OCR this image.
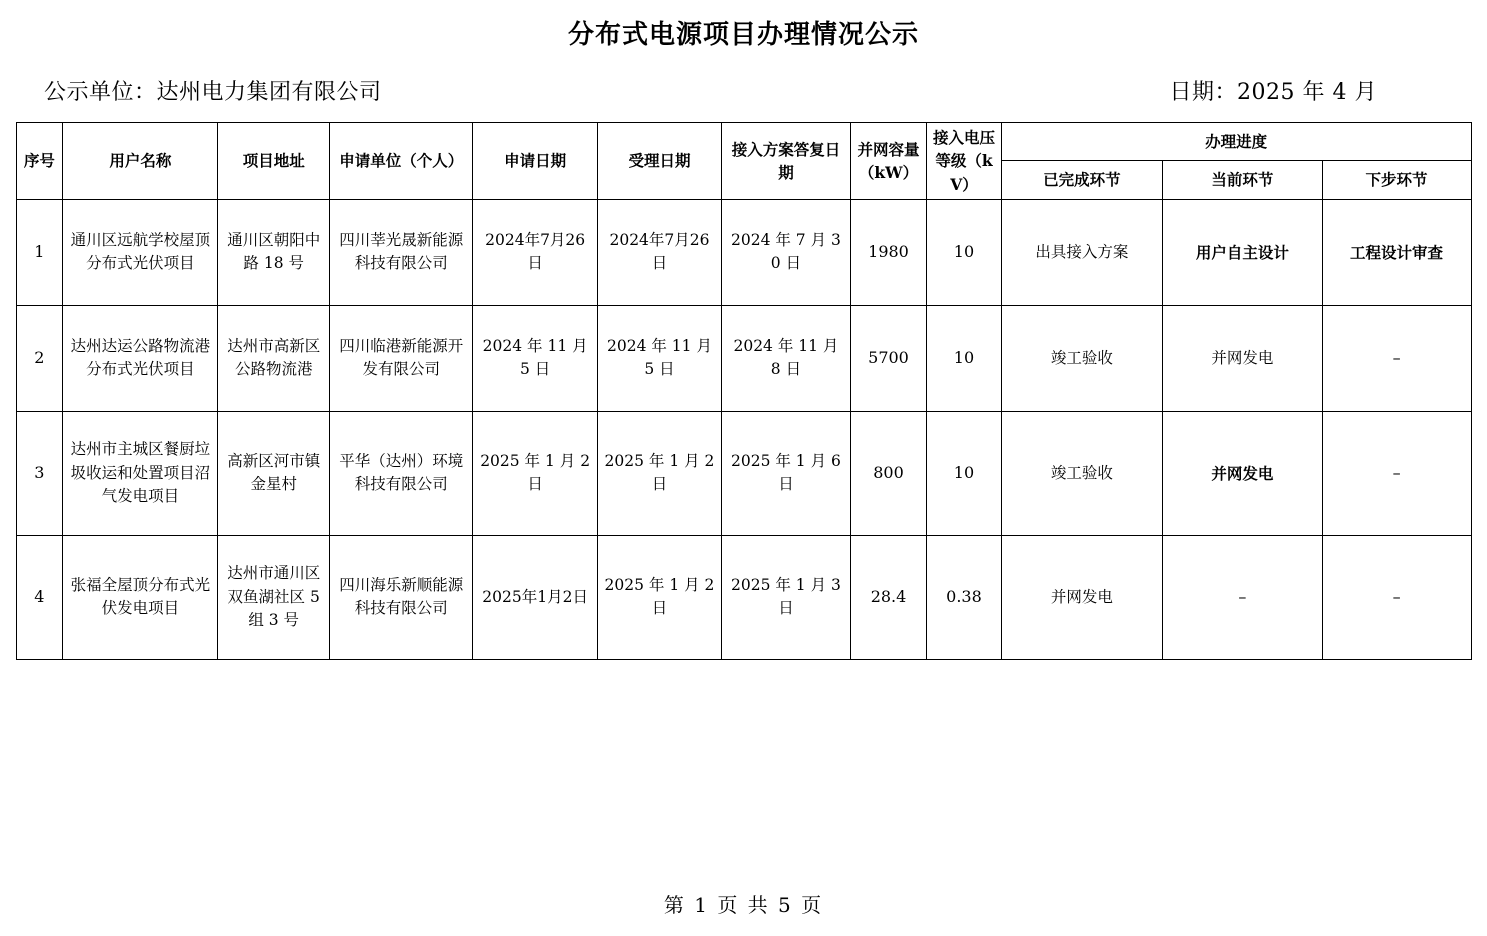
分布式电源项目办理情况公示
公示单位：达州电力集团有限公司	日期：2025 年 4 月
序号	用户名称	项目地址	申请单位（个人）	申请日期	受理日期	接入方案答复日期	并网容量（kW）	接入电压等级（kV）	办理进度		
									已完成环节	当前环节	下步环节
1	通川区远航学校屋顶分布式光伏项目	通川区朝阳中路 18 号	四川莘光晟新能源科技有限公司	2024年7月26日	2024年7月26日	2024 年 7 月 30 日	1980	10	出具接入方案	用户自主设计	工程设计审查
2	达州达运公路物流港分布式光伏项目	达州市高新区公路物流港	四川临港新能源开发有限公司	2024 年 11 月 5 日	2024 年 11 月 5 日	2024 年 11 月 8 日	5700	10	竣工验收	并网发电	–
3	达州市主城区餐厨垃圾收运和处置项目沼气发电项目	高新区河市镇金星村	平华（达州）环境科技有限公司	2025 年 1 月 2 日	2025 年 1 月 2 日	2025 年 1 月 6 日	800	10	竣工验收	并网发电	–
4	张福全屋顶分布式光伏发电项目	达州市通川区双鱼湖社区 5 组 3 号	四川海乐新顺能源科技有限公司	2025年1月2日	2025 年 1 月 2 日	2025 年 1 月 3 日	28.4	0.38	并网发电	–	–
第 1 页 共 5 页
